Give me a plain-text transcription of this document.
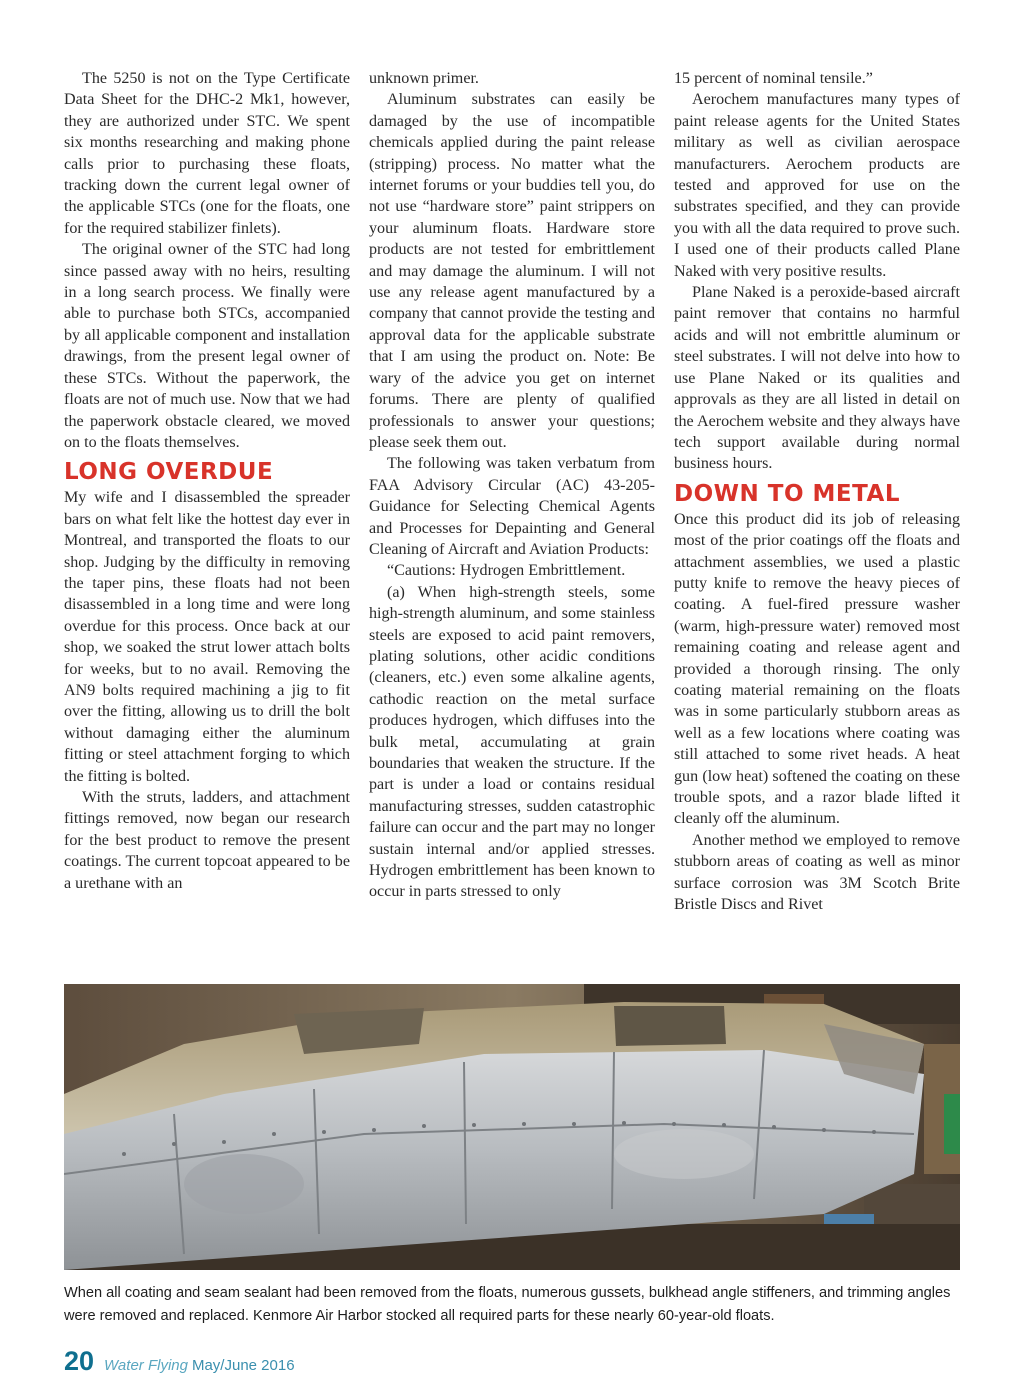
The 5250 is not on the Type Certificate Data Sheet for the DHC-2 Mk1, however, they are authorized under STC. We spent six months researching and making phone calls prior to purchasing these floats, tracking down the current legal owner of the applicable STCs (one for the floats, one for the required stabilizer finlets).

The original owner of the STC had long since passed away with no heirs, resulting in a long search process. We finally were able to purchase both STCs, accompanied by all applicable component and installation drawings, from the present legal owner of these STCs. Without the paperwork, the floats are not of much use. Now that we had the paperwork obstacle cleared, we moved on to the floats themselves.

LONG OVERDUE

My wife and I disassembled the spreader bars on what felt like the hottest day ever in Montreal, and transported the floats to our shop. Judging by the difficulty in removing the taper pins, these floats had not been disassembled in a long time and were long overdue for this process. Once back at our shop, we soaked the strut lower attach bolts for weeks, but to no avail. Removing the AN9 bolts required machining a jig to fit over the fitting, allowing us to drill the bolt without damaging either the aluminum fitting or steel attachment forging to which the fitting is bolted.

With the struts, ladders, and attachment fittings removed, now began our research for the best product to remove the present coatings. The current topcoat appeared to be a urethane with an

unknown primer.

Aluminum substrates can easily be damaged by the use of incompatible chemicals applied during the paint release (stripping) process. No matter what the internet forums or your buddies tell you, do not use “hardware store” paint strippers on your aluminum floats. Hardware store products are not tested for embrittlement and may damage the aluminum. I will not use any release agent manufactured by a company that cannot provide the testing and approval data for the applicable substrate that I am using the product on. Note: Be wary of the advice you get on internet forums. There are plenty of qualified professionals to answer your questions; please seek them out.

The following was taken verbatum from FAA Advisory Circular (AC) 43-205-Guidance for Selecting Chemical Agents and Processes for Depainting and General Cleaning of Aircraft and Aviation Products:

“Cautions: Hydrogen Embrittlement.

(a) When high-strength steels, some high-strength aluminum, and some stainless steels are exposed to acid paint removers, plating solutions, other acidic conditions (cleaners, etc.) even some alkaline agents, cathodic reaction on the metal surface produces hydrogen, which diffuses into the bulk metal, accumulating at grain boundaries that weaken the structure. If the part is under a load or contains residual manufacturing stresses, sudden catastrophic failure can occur and the part may no longer sustain internal and/or applied stresses. Hydrogen embrittlement has been known to occur in parts stressed to only

15 percent of nominal tensile.”

Aerochem manufactures many types of paint release agents for the United States military as well as civilian aerospace manufacturers. Aerochem products are tested and approved for use on the substrates specified, and they can provide you with all the data required to prove such. I used one of their products called Plane Naked with very positive results.

Plane Naked is a peroxide-based aircraft paint remover that contains no harmful acids and will not embrittle aluminum or steel substrates. I will not delve into how to use Plane Naked or its qualities and approvals as they are all listed in detail on the Aerochem website and they always have tech support available during normal business hours.

DOWN TO METAL

Once this product did its job of releasing most of the prior coatings off the floats and attachment assemblies, we used a plastic putty knife to remove the heavy pieces of coating. A fuel-fired pressure washer (warm, high-pressure water) removed most remaining coating and release agent and provided a thorough rinsing. The only coating material remaining on the floats was in some particularly stubborn areas as well as a few locations where coating was still attached to some rivet heads. A heat gun (low heat) softened the coating on these trouble spots, and a razor blade lifted it cleanly off the aluminum.

Another method we employed to remove stubborn areas of coating as well as minor surface corrosion was 3M Scotch Brite Bristle Discs and Rivet

When all coating and seam sealant had been removed from the floats, numerous gussets, bulkhead angle stiffeners, and trimming angles were removed and replaced. Kenmore Air Harbor stocked all required parts for these nearly 60-year-old floats.

20 Water Flying May/June 2016
